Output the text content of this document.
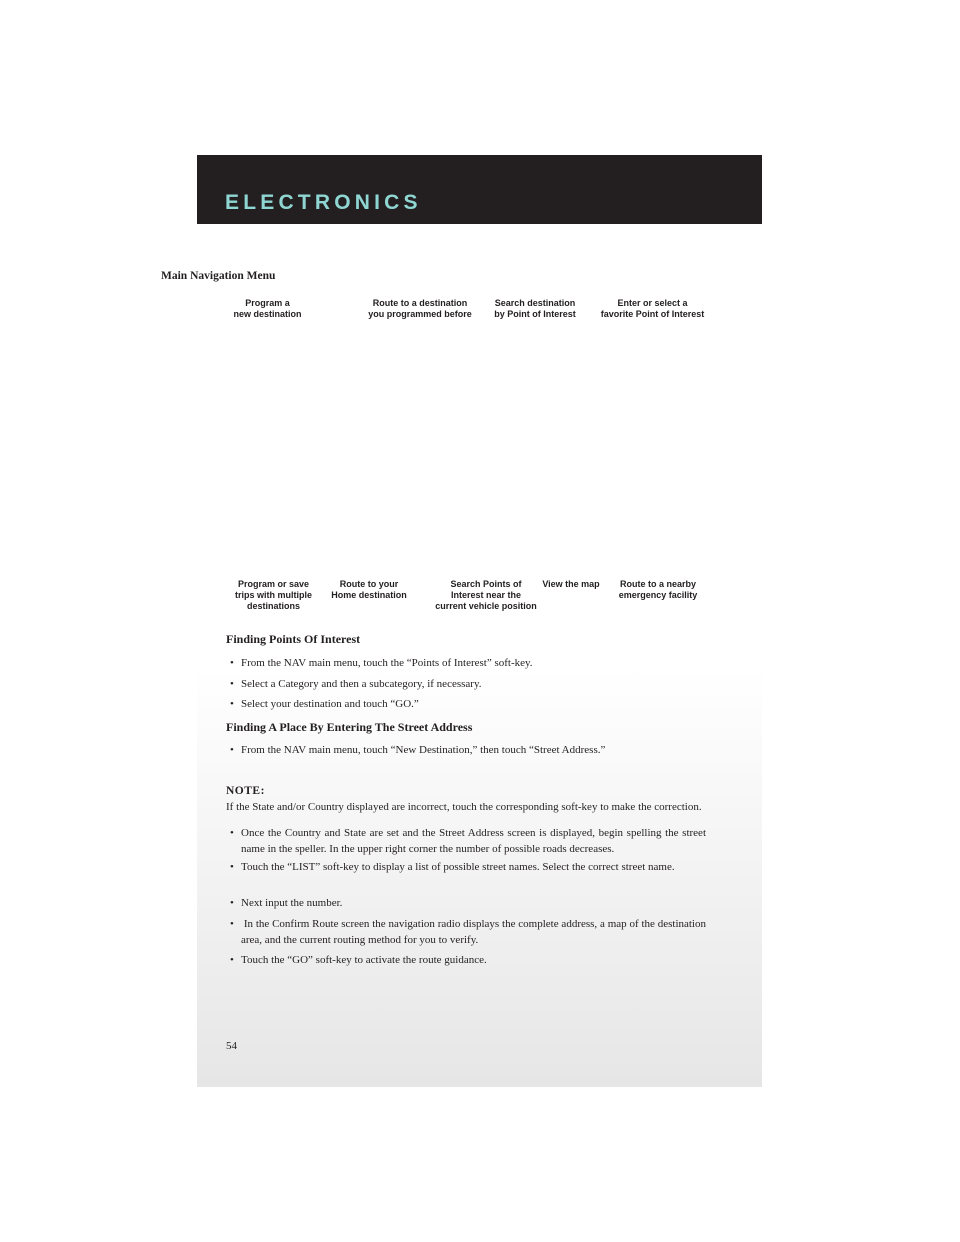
ELECTRONICS
Main Navigation Menu
Program a
new destination
Route to a destination
you programmed before
Search destination
by Point of Interest
Enter or select a
favorite Point of Interest
Program or save
trips with multiple
destinations
Route to your
Home destination
Search Points of
Interest near the
current vehicle position
View the map	Route to a nearby
emergency facility
Finding Points Of Interest
• From the NAV main menu, touch the “Points of Interest” soft-key.
• Select a Category and then a subcategory, if necessary.
• Select your destination and touch “GO.”
Finding A Place By Entering The Street Address
• From the NAV main menu, touch “New Destination,” then touch “Street Address.”
NOTE:
If the State and/or Country displayed are incorrect, touch the corresponding soft-key to make the correction.
• Once the Country and State are set and the Street Address screen is displayed, begin spelling the street name in the speller. In the upper right corner the number of possible roads decreases.
• Touch the “LIST” soft-key to display a list of possible street names. Select the correct street name.
• Next input the number.
• In the Confirm Route screen the navigation radio displays the complete address, a map of the destination area, and the current routing method for you to verify.
• Touch the “GO” soft-key to activate the route guidance.
54
